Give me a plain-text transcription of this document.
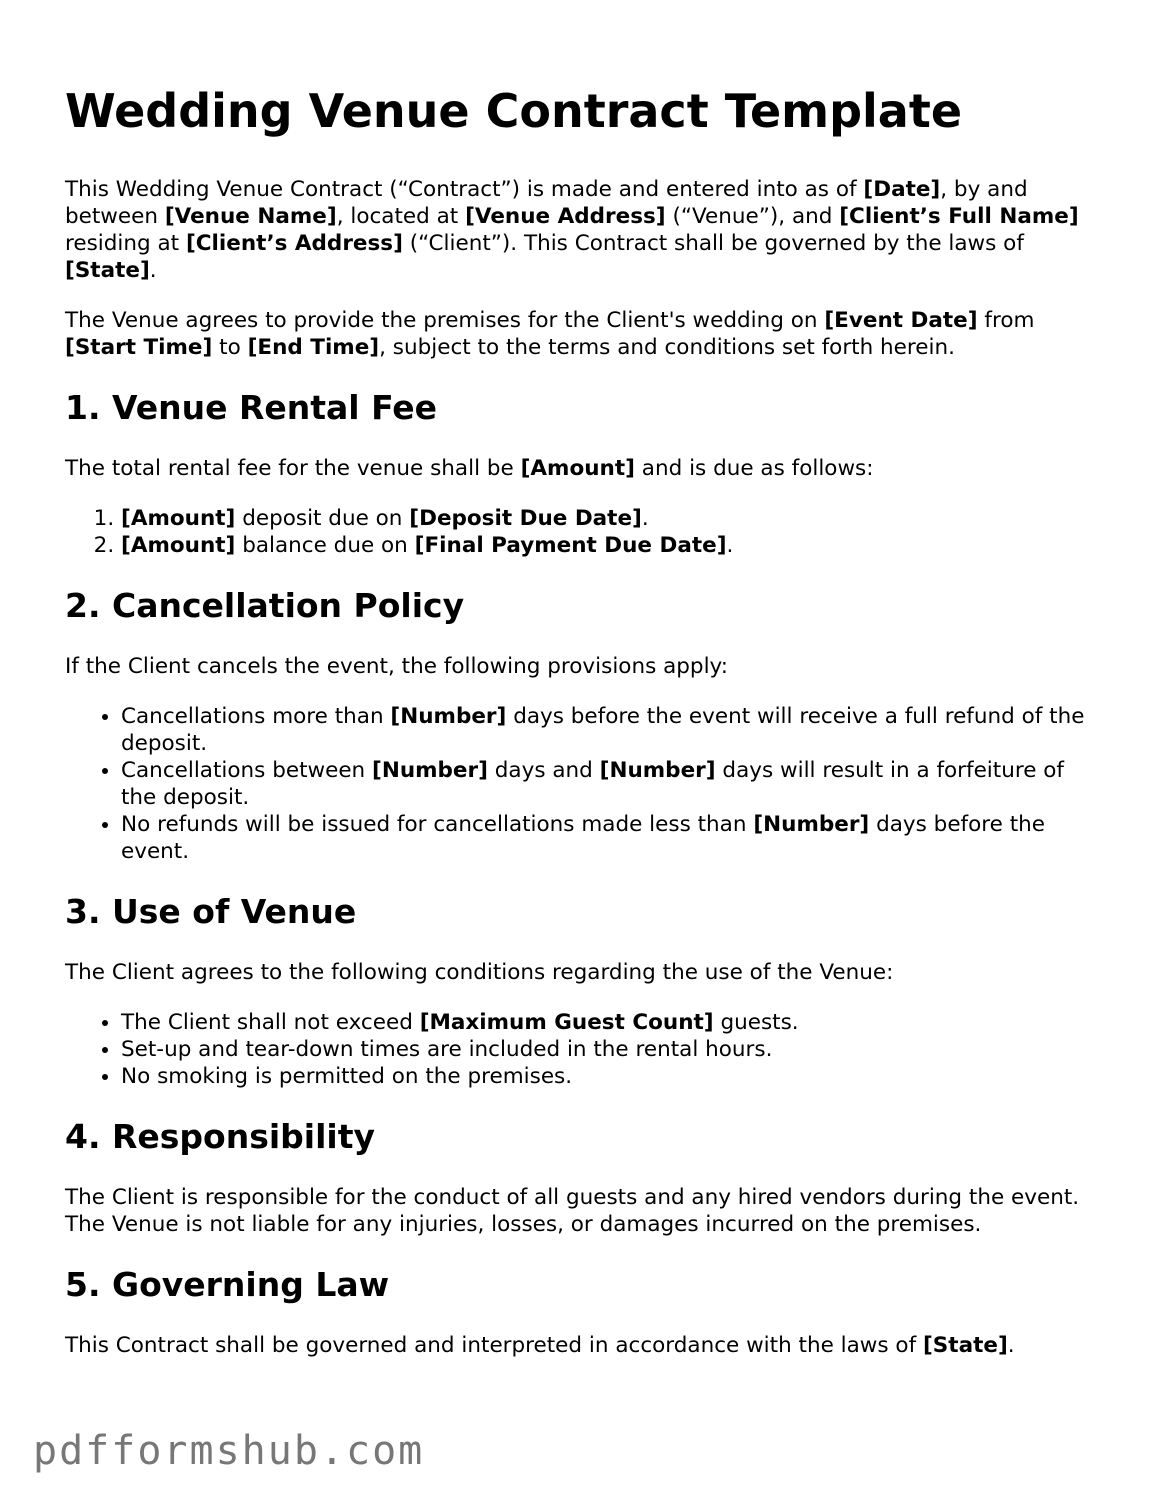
Wedding Venue Contract Template

This Wedding Venue Contract (“Contract”) is made and entered into as of [Date], by and between [Venue Name], located at [Venue Address] (“Venue”), and [Client’s Full Name] residing at [Client’s Address] (“Client”). This Contract shall be governed by the laws of [State].

The Venue agrees to provide the premises for the Client's wedding on [Event Date] from [Start Time] to [End Time], subject to the terms and conditions set forth herein.

1. Venue Rental Fee

The total rental fee for the venue shall be [Amount] and is due as follows:

1. [Amount] deposit due on [Deposit Due Date].
2. [Amount] balance due on [Final Payment Due Date].
2. Cancellation Policy

If the Client cancels the event, the following provisions apply:

• Cancellations more than [Number] days before the event will receive a full refund of the deposit.
• Cancellations between [Number] days and [Number] days will result in a forfeiture of the deposit.
• No refunds will be issued for cancellations made less than [Number] days before the event.
3. Use of Venue

The Client agrees to the following conditions regarding the use of the Venue:

• The Client shall not exceed [Maximum Guest Count] guests.
• Set-up and tear-down times are included in the rental hours.
• No smoking is permitted on the premises.
4. Responsibility

The Client is responsible for the conduct of all guests and any hired vendors during the event. The Venue is not liable for any injuries, losses, or damages incurred on the premises.

5. Governing Law

This Contract shall be governed and interpreted in accordance with the laws of [State].

pdfformshub.com
